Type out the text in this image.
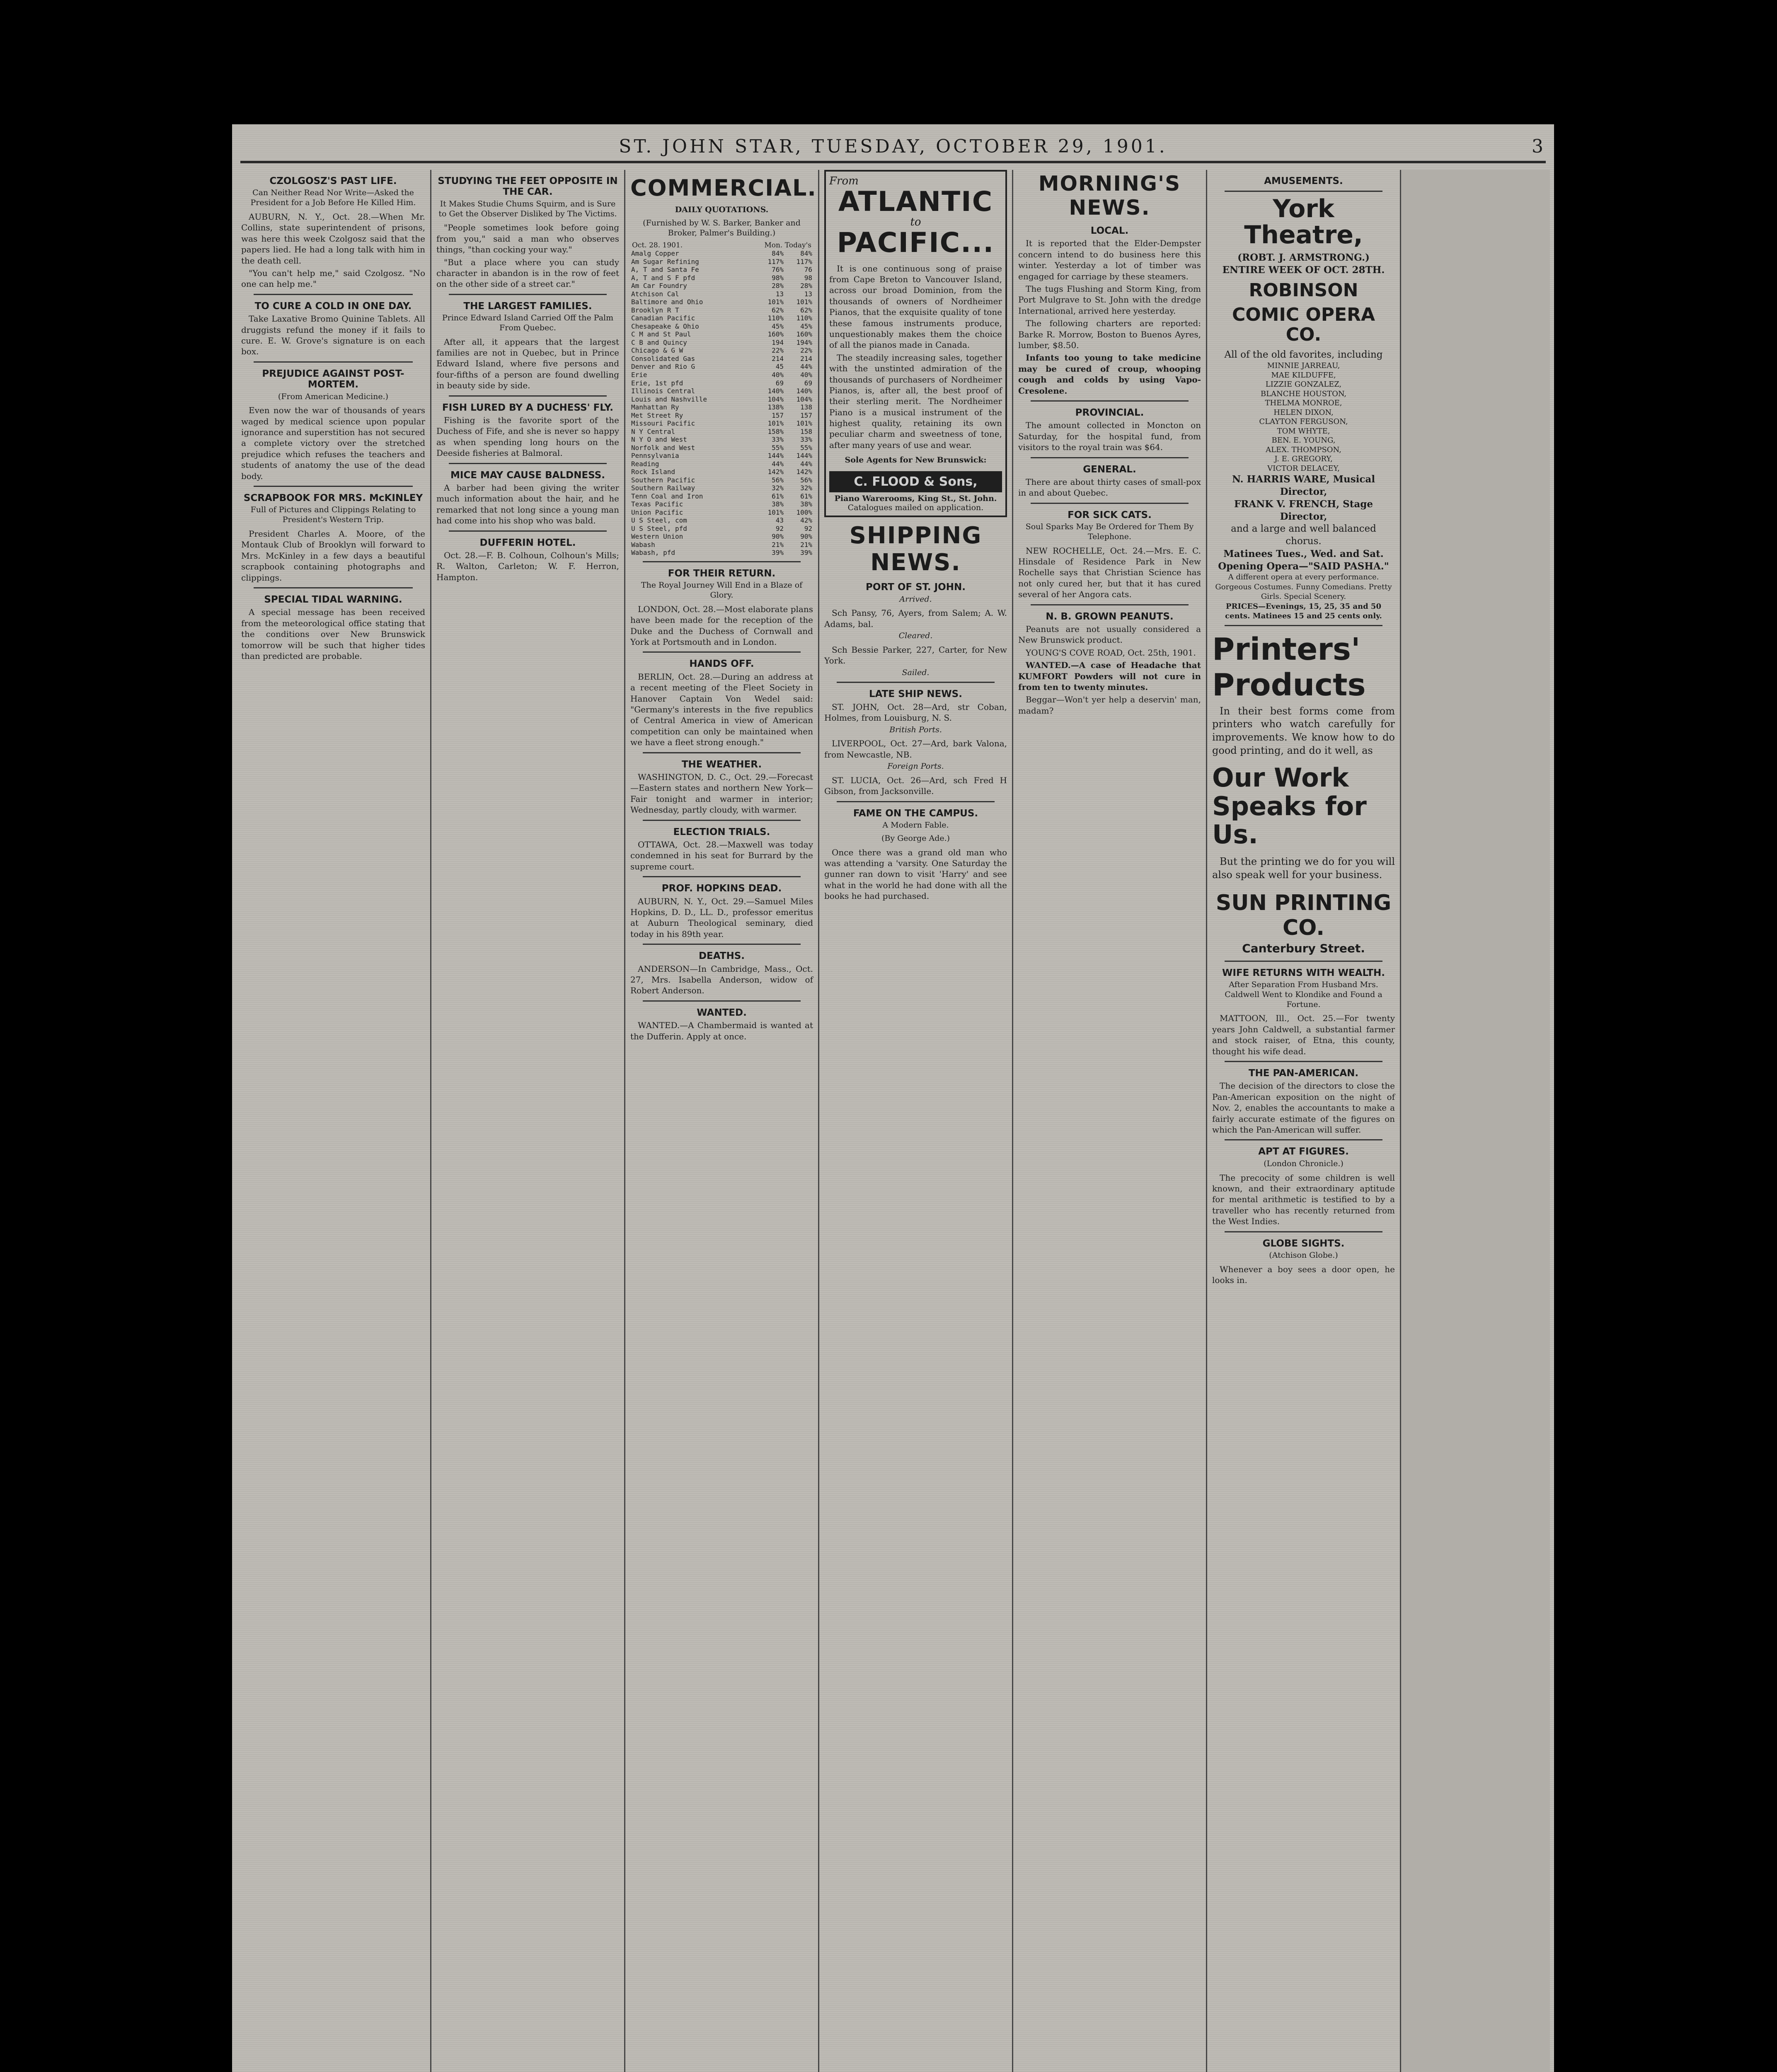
ST. JOHN STAR, TUESDAY, OCTOBER 29, 1901.	3
CZOLGOSZ'S PAST LIFE.
Can Neither Read Nor Write—Asked the President for a Job Before He Killed Him.

AUBURN, N. Y., Oct. 28.—When Mr. Collins, state superintendent of prisons, was here this week Czolgosz said that the papers lied. He had a long talk with him in the death cell.

"You can't help me," said Czolgosz. "No one can help me."

TO CURE A COLD IN ONE DAY.

Take Laxative Bromo Quinine Tablets. All druggists refund the money if it fails to cure. E. W. Grove's signature is on each box.

PREJUDICE AGAINST POST-MORTEM.
(From American Medicine.)

Even now the war of thousands of years waged by medical science upon popular ignorance and superstition has not secured a complete victory over the stretched prejudice which refuses the teachers and students of anatomy the use of the dead body.

SCRAPBOOK FOR MRS. McKINLEY
Full of Pictures and Clippings Relating to President's Western Trip.

President Charles A. Moore, of the Montauk Club of Brooklyn will forward to Mrs. McKinley in a few days a beautiful scrapbook containing photographs and clippings.

SPECIAL TIDAL WARNING.

A special message has been received from the meteorological office stating that the conditions over New Brunswick tomorrow will be such that higher tides than predicted are probable.

STUDYING THE FEET OPPOSITE IN THE CAR.
It Makes Studie Chums Squirm, and is Sure to Get the Observer Disliked by The Victims.

"People sometimes look before going from you," said a man who observes things, "than cocking your way."

"But a place where you can study character in abandon is in the row of feet on the other side of a street car."

THE LARGEST FAMILIES.
Prince Edward Island Carried Off the Palm From Quebec.

After all, it appears that the largest families are not in Quebec, but in Prince Edward Island, where five persons and four-fifths of a person are found dwelling in beauty side by side.

FISH LURED BY A DUCHESS' FLY.

Fishing is the favorite sport of the Duchess of Fife, and she is never so happy as when spending long hours on the Deeside fisheries at Balmoral.

MICE MAY CAUSE BALDNESS.

A barber had been giving the writer much information about the hair, and he remarked that not long since a young man had come into his shop who was bald.

DUFFERIN HOTEL.

Oct. 28.—F. B. Colhoun, Colhoun's Mills; R. Walton, Carleton; W. F. Herron, Hampton.

COMMERCIAL.
DAILY QUOTATIONS.
(Furnished by W. S. Barker, Banker and Broker, Palmer's Building.)
Oct. 28. 1901.	Mon. Today's
Amalg Copper	84%	84%
Am Sugar Refining	117%	117%
A, T and Santa Fe	76%	76
A, T and S F pfd	98%	98
Am Car Foundry	28%	28%
Atchison Cal	13	13
Baltimore and Ohio	101%	101%
Brooklyn R T	62%	62%
Canadian Pacific	110%	110%
Chesapeake & Ohio	45%	45%
C M and St Paul	160%	160%
C B and Quincy	194	194%
Chicago & G W	22%	22%
Consolidated Gas	214	214
Denver and Rio G	45	44%
Erie	40%	40%
Erie, 1st pfd	69	69
Illinois Central	140%	140%
Louis and Nashville	104%	104%
Manhattan Ry	138%	138
Met Street Ry	157	157
Missouri Pacific	101%	101%
N Y Central	158%	158
N Y O and West	33%	33%
Norfolk and West	55%	55%
Pennsylvania	144%	144%
Reading	44%	44%
Rock Island	142%	142%
Southern Pacific	56%	56%
Southern Railway	32%	32%
Tenn Coal and Iron	61%	61%
Texas Pacific	38%	38%
Union Pacific	101%	100%
U S Steel, com	43	42%
U S Steel, pfd	92	92
Western Union	90%	90%
Wabash	21%	21%
Wabash, pfd	39%	39%
FOR THEIR RETURN.
The Royal Journey Will End in a Blaze of Glory.

LONDON, Oct. 28.—Most elaborate plans have been made for the reception of the Duke and the Duchess of Cornwall and York at Portsmouth and in London.

HANDS OFF.

BERLIN, Oct. 28.—During an address at a recent meeting of the Fleet Society in Hanover Captain Von Wedel said: "Germany's interests in the five republics of Central America in view of American competition can only be maintained when we have a fleet strong enough."

THE WEATHER.

WASHINGTON, D. C., Oct. 29.—Forecast—Eastern states and northern New York—Fair tonight and warmer in interior; Wednesday, partly cloudy, with warmer.

ELECTION TRIALS.

OTTAWA, Oct. 28.—Maxwell was today condemned in his seat for Burrard by the supreme court.

PROF. HOPKINS DEAD.

AUBURN, N. Y., Oct. 29.—Samuel Miles Hopkins, D. D., LL. D., professor emeritus at Auburn Theological seminary, died today in his 89th year.

DEATHS.

ANDERSON—In Cambridge, Mass., Oct. 27, Mrs. Isabella Anderson, widow of Robert Anderson.

WANTED.

WANTED.—A Chambermaid is wanted at the Dufferin. Apply at once.

From
ATLANTIC
to
PACIFIC...

It is one continuous song of praise from Cape Breton to Vancouver Island, across our broad Dominion, from the thousands of owners of Nordheimer Pianos, that the exquisite quality of tone these famous instruments produce, unquestionably makes them the choice of all the pianos made in Canada.

The steadily increasing sales, together with the unstinted admiration of the thousands of purchasers of Nordheimer Pianos, is, after all, the best proof of their sterling merit. The Nordheimer Piano is a musical instrument of the highest quality, retaining its own peculiar charm and sweetness of tone, after many years of use and wear.

Sole Agents for New Brunswick:
C. FLOOD & Sons,
Piano Warerooms, King St., St. John.
Catalogues mailed on application.
SHIPPING NEWS.
PORT OF ST. JOHN.
Arrived.

Sch Pansy, 76, Ayers, from Salem; A. W. Adams, bal.

Cleared.

Sch Bessie Parker, 227, Carter, for New York.

Sailed.
LATE SHIP NEWS.

ST. JOHN, Oct. 28—Ard, str Coban, Holmes, from Louisburg, N. S.

British Ports.

LIVERPOOL, Oct. 27—Ard, bark Valona, from Newcastle, NB.

Foreign Ports.

ST. LUCIA, Oct. 26—Ard, sch Fred H Gibson, from Jacksonville.

FAME ON THE CAMPUS.
A Modern Fable.
(By George Ade.)

Once there was a grand old man who was attending a 'varsity. One Saturday the gunner ran down to visit 'Harry' and see what in the world he had done with all the books he had purchased.

MORNING'S NEWS.
LOCAL.

It is reported that the Elder-Dempster concern intend to do business here this winter. Yesterday a lot of timber was engaged for carriage by these steamers.

The tugs Flushing and Storm King, from Port Mulgrave to St. John with the dredge International, arrived here yesterday.

The following charters are reported: Barke R. Morrow, Boston to Buenos Ayres, lumber, $8.50.

Infants too young to take medicine may be cured of croup, whooping cough and colds by using Vapo-Cresolene.

PROVINCIAL.

The amount collected in Moncton on Saturday, for the hospital fund, from visitors to the royal train was $64.

GENERAL.

There are about thirty cases of small-pox in and about Quebec.

FOR SICK CATS.
Soul Sparks May Be Ordered for Them By Telephone.

NEW ROCHELLE, Oct. 24.—Mrs. E. C. Hinsdale of Residence Park in New Rochelle says that Christian Science has not only cured her, but that it has cured several of her Angora cats.

N. B. GROWN PEANUTS.

Peanuts are not usually considered a New Brunswick product.

YOUNG'S COVE ROAD, Oct. 25th, 1901.

WANTED.—A case of Headache that KUMFORT Powders will not cure in from ten to twenty minutes.

Beggar—Won't yer help a deservin' man, madam?

AMUSEMENTS.
York Theatre,
(ROBT. J. ARMSTRONG.)
ENTIRE WEEK OF OCT. 28TH.
ROBINSON
COMIC OPERA CO.
All of the old favorites, including

MINNIE JARREAU,

MAE KILDUFFE,

LIZZIE GONZALEZ,

BLANCHE HOUSTON,

THELMA MONROE,

HELEN DIXON,

CLAYTON FERGUSON,

TOM WHYTE,

BEN. E. YOUNG,

ALEX. THOMPSON,

J. E. GREGORY,

VICTOR DELACEY,

N. HARRIS WARE, Musical Director,
FRANK V. FRENCH, Stage Director,
and a large and well balanced chorus.
Matinees Tues., Wed. and Sat.
Opening Opera—"SAID PASHA."
A different opera at every performance. Gorgeous Costumes. Funny Comedians. Pretty Girls. Special Scenery.
PRICES—Evenings, 15, 25, 35 and 50 cents. Matinees 15 and 25 cents only.
Printers'
Products

In their best forms come from printers who watch carefully for improvements. We know how to do good printing, and do it well, as

Our Work Speaks for Us.

But the printing we do for you will also speak well for your business.

SUN PRINTING CO.
Canterbury Street.
WIFE RETURNS WITH WEALTH.
After Separation From Husband Mrs. Caldwell Went to Klondike and Found a Fortune.

MATTOON, Ill., Oct. 25.—For twenty years John Caldwell, a substantial farmer and stock raiser, of Etna, this county, thought his wife dead.

THE PAN-AMERICAN.

The decision of the directors to close the Pan-American exposition on the night of Nov. 2, enables the accountants to make a fairly accurate estimate of the figures on which the Pan-American will suffer.

APT AT FIGURES.
(London Chronicle.)

The precocity of some children is well known, and their extraordinary aptitude for mental arithmetic is testified to by a traveller who has recently returned from the West Indies.

GLOBE SIGHTS.
(Atchison Globe.)

Whenever a boy sees a door open, he looks in.
